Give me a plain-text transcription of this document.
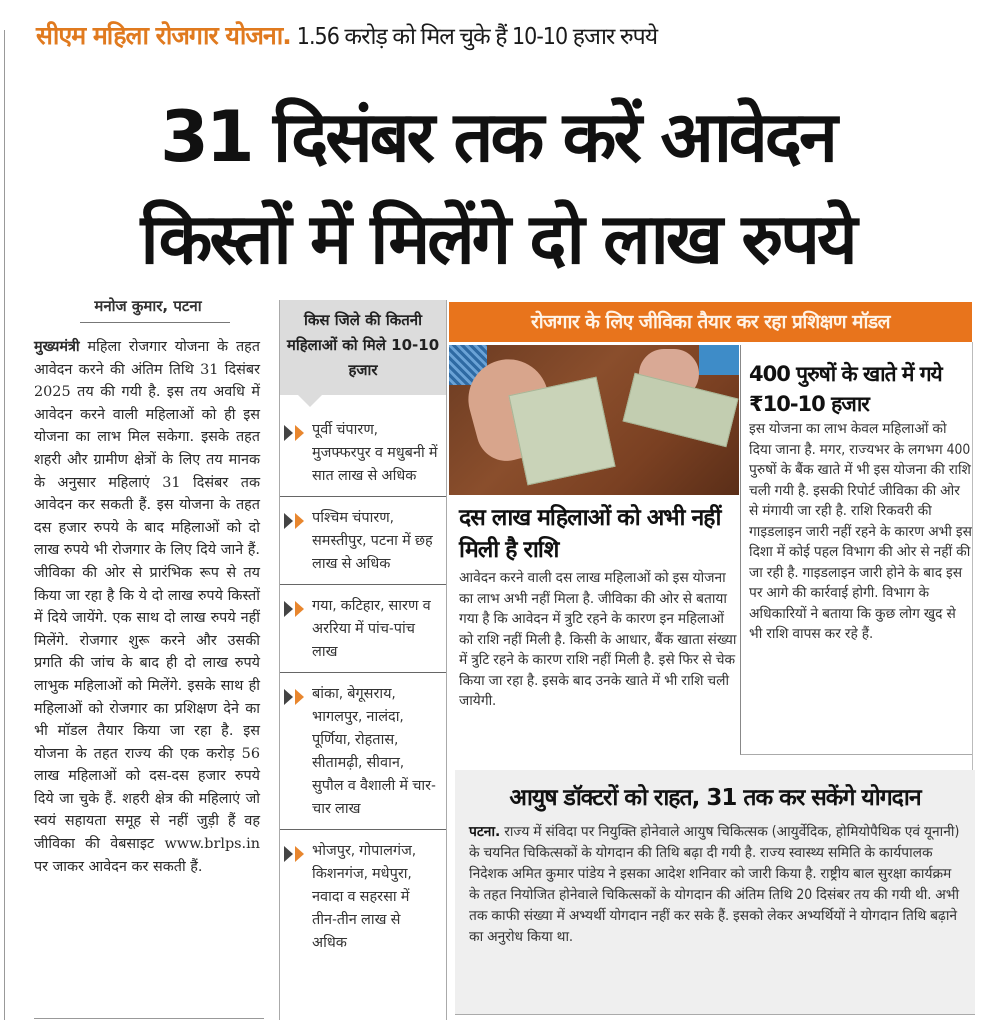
सीएम महिला रोजगार योजना. 1.56 करोड़ को मिल चुके हैं 10-10 हजार रुपये
31 दिसंबर तक करें आवेदन
किस्तों में मिलेंगे दो लाख रुपये
मनोज कुमार, पटना
मुख्यमंत्री महिला रोजगार योजना के तहत आवेदन करने की अंतिम तिथि 31 दिसंबर 2025 तय की गयी है. इस तय अवधि में आवेदन करने वाली महिलाओं को ही इस योजना का लाभ मिल सकेगा. इसके तहत शहरी और ग्रामीण क्षेत्रों के लिए तय मानक के अनुसार महिलाएं 31 दिसंबर तक आवेदन कर सकती हैं. इस योजना के तहत दस हजार रुपये के बाद महिलाओं को दो लाख रुपये भी रोजगार के लिए दिये जाने हैं. जीविका की ओर से प्रारंभिक रूप से तय किया जा रहा है कि ये दो लाख रुपये किस्तों में दिये जायेंगे. एक साथ दो लाख रुपये नहीं मिलेंगे. रोजगार शुरू करने और उसकी प्रगति की जांच के बाद ही दो लाख रुपये लाभुक महिलाओं को मिलेंगे. इसके साथ ही महिलाओं को रोजगार का प्रशिक्षण देने का भी मॉडल तैयार किया जा रहा है. इस योजना के तहत राज्य की एक करोड़ 56 लाख महिलाओं को दस-दस हजार रुपये दिये जा चुके हैं. शहरी क्षेत्र की महिलाएं जो स्वयं सहायता समूह से नहीं जुड़ी हैं वह जीविका की वेबसाइट www.brlps.in पर जाकर आवेदन कर सकती हैं.
किस जिले की कितनी महिलाओं को मिले 10-10 हजार
पूर्वी चंपारण, मुजफ्फरपुर व मधुबनी में सात लाख से अधिक
पश्चिम चंपारण, समस्तीपुर, पटना में छह लाख से अधिक
गया, कटिहार, सारण व अररिया में पांच-पांच लाख
बांका, बेगूसराय, भागलपुर, नालंदा, पूर्णिया, रोहतास, सीतामढ़ी, सीवान, सुपौल व वैशाली में चार-चार लाख
भोजपुर, गोपालगंज, किशनगंज, मधेपुरा, नवादा व सहरसा में तीन-तीन लाख से अधिक
रोजगार के लिए जीविका तैयार कर रहा प्रशिक्षण मॉडल
दस लाख महिलाओं को अभी नहीं मिली है राशि
आवेदन करने वाली दस लाख महिलाओं को इस योजना का लाभ अभी नहीं मिला है. जीविका की ओर से बताया गया है कि आवेदन में त्रुटि रहने के कारण इन महिलाओं को राशि नहीं मिली है. किसी के आधार, बैंक खाता संख्या में त्रुटि रहने के कारण राशि नहीं मिली है. इसे फिर से चेक किया जा रहा है. इसके बाद उनके खाते में भी राशि चली जायेगी.
400 पुरुषों के खाते में गये ₹10-10 हजार
इस योजना का लाभ केवल महिलाओं को दिया जाना है. मगर, राज्यभर के लगभग 400 पुरुषों के बैंक खाते में भी इस योजना की राशि चली गयी है. इसकी रिपोर्ट जीविका की ओर से मंगायी जा रही है. राशि रिकवरी की गाइडलाइन जारी नहीं रहने के कारण अभी इस दिशा में कोई पहल विभाग की ओर से नहीं की जा रही है. गाइडलाइन जारी होने के बाद इस पर आगे की कार्रवाई होगी. विभाग के अधिकारियों ने बताया कि कुछ लोग खुद से भी राशि वापस कर रहे हैं.
आयुष डॉक्टरों को राहत, 31 तक कर सकेंगे योगदान
पटना. राज्य में संविदा पर नियुक्ति होनेवाले आयुष चिकित्सक (आयुर्वेदिक, होमियोपैथिक एवं यूनानी) के चयनित चिकित्सकों के योगदान की तिथि बढ़ा दी गयी है. राज्य स्वास्थ्य समिति के कार्यपालक निदेशक अमित कुमार पांडेय ने इसका आदेश शनिवार को जारी किया है. राष्ट्रीय बाल सुरक्षा कार्यक्रम के तहत नियोजित होनेवाले चिकित्सकों के योगदान की अंतिम तिथि 20 दिसंबर तय की गयी थी. अभी तक काफी संख्या में अभ्यर्थी योगदान नहीं कर सके हैं. इसको लेकर अभ्यर्थियों ने योगदान तिथि बढ़ाने का अनुरोध किया था.
